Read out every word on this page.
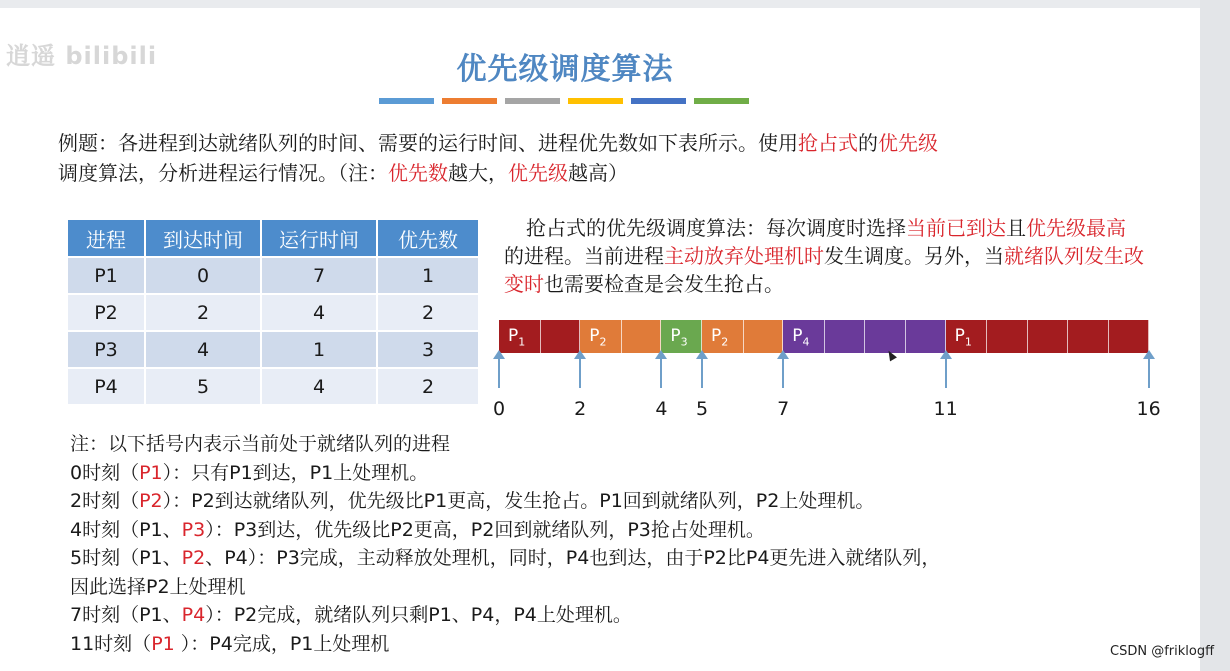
逍遥 bilibili	优先级调度算法
例题：各进程到达就绪队列的时间、需要的运行时间、进程优先数如下表所示。使用抢占式的优先级
调度算法，分析进程运行情况。（注：优先数越大，优先级越高）
进程	到达时间	运行时间	优先数
P1	0	7	1
P2	2	4	2
P3	4	1	3
P4	5	4	2
抢占式的优先级调度算法：每次调度时选择当前已到达且优先级最高的进程。当前进程主动放弃处理机时发生调度。另外，当就绪队列发生改变时也需要检查是会发生抢占。
$P_1$	$P_2$	$P_3$ $P_2$	$P_4$	$P_1$
0	2	4 5	7	11	16
注：以下括号内表示当前处于就绪队列的进程
0时刻（P1）：只有P1到达，P1上处理机。
2时刻（P2）：P2到达就绪队列，优先级比P1更高，发生抢占。P1回到就绪队列，P2上处理机。
4时刻（P1、P3）：P3到达，优先级比P2更高，P2回到就绪队列，P3抢占处理机。
5时刻（P1、P2、P4）：P3完成，主动释放处理机，同时，P4也到达，由于P2比P4更先进入就绪队列，
因此选择P2上处理机
7时刻（P1、P4）：P2完成，就绪队列只剩P1、P4，P4上处理机。
11时刻（P1 ）：P4完成，P1上处理机	CSDN @friklogff
